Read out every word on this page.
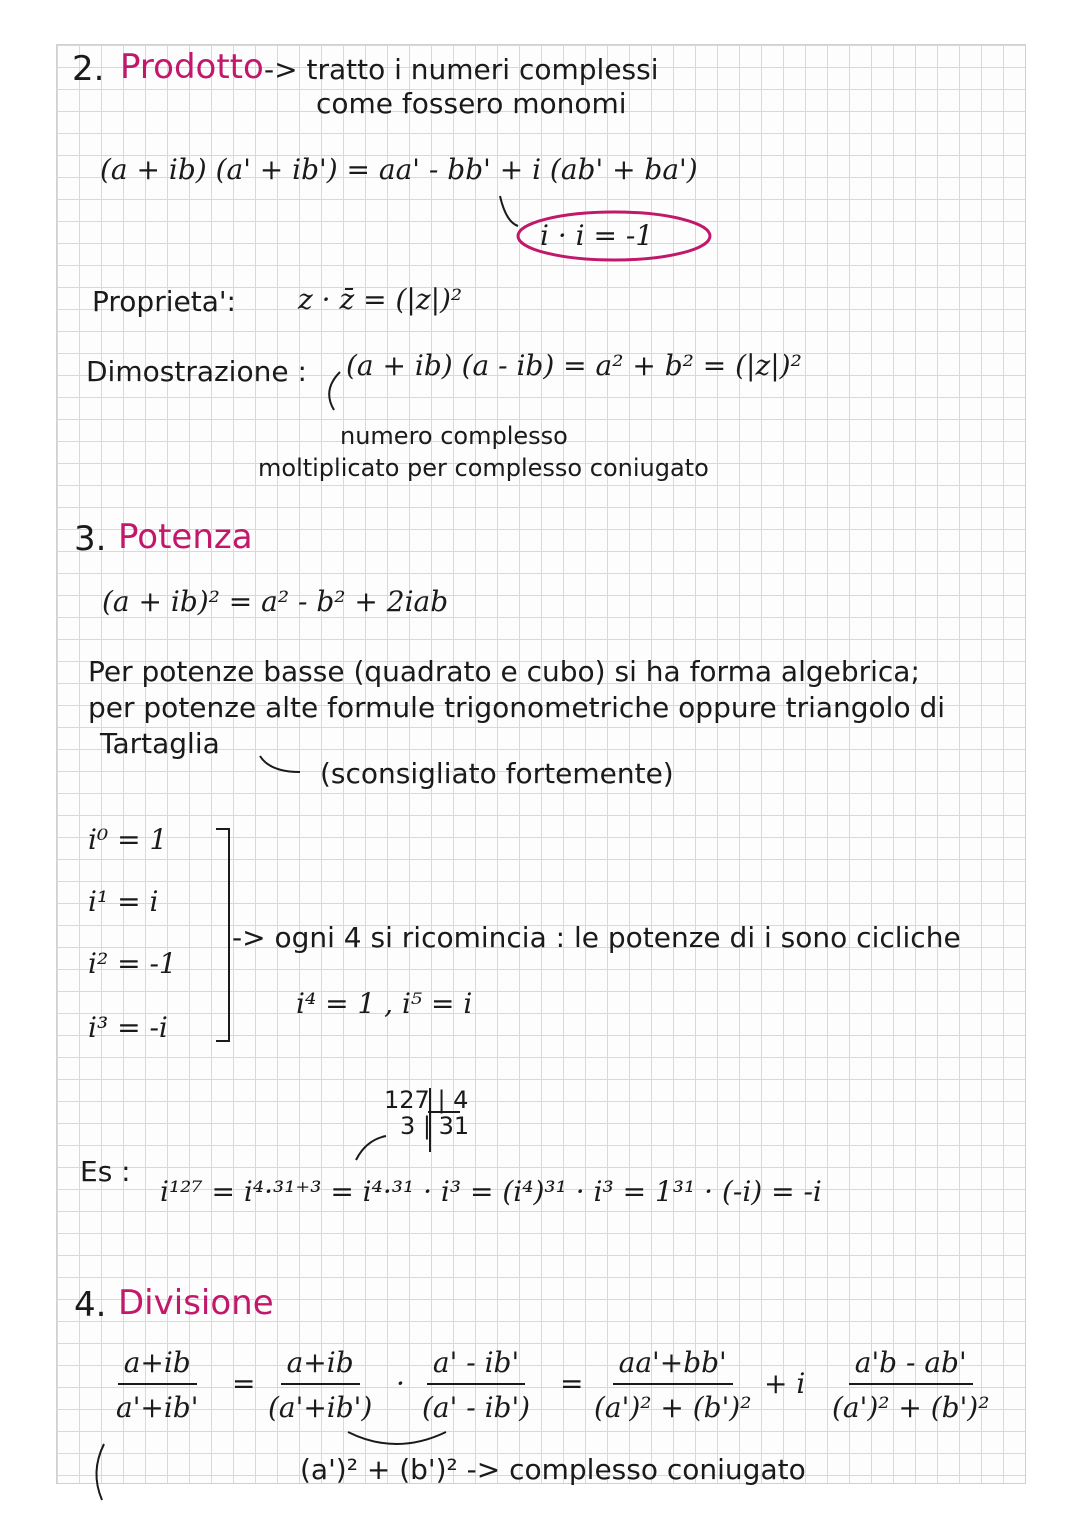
2. Prodotto -> tratto i numeri complessi
come fossero monomi
(a + ib) (a' + ib') = aa' - bb' + i (ab' + ba')
i · i = -1
Proprieta': z · z̄ = (|z|)²
Dimostrazione : (a + ib) (a - ib) = a² + b² = (|z|)²
numero complesso
moltiplicato per complesso coniugato
3. Potenza
(a + ib)² = a² - b² + 2iab
Per potenze basse (quadrato e cubo) si ha forma algebrica;
per potenze alte formule trigonometriche oppure triangolo di
Tartaglia
(sconsigliato fortemente)
i⁰ = 1
i¹ = i
i² = -1
i³ = -i
-> ogni 4 si ricomincia : le potenze di i sono cicliche
i⁴ = 1 , i⁵ = i
127 | 4
3 | 31
Es :
i¹²⁷ = i⁴·³¹⁺³ = i⁴·³¹ · i³ = (i⁴)³¹ · i³ = 1³¹ · (-i) = -i
4. Divisione
$\frac{a+ib}{a'+ib'} = \frac{a+ib}{(a'+ib')} \cdot \frac{a' - ib'}{(a' - ib')} = \frac{aa'+bb'}{\text{(a')² + (b')²}} + i \frac{a'b - ab'}{\text{(a')² + (b')²}}$
(a')² + (b')² -> complesso coniugato
